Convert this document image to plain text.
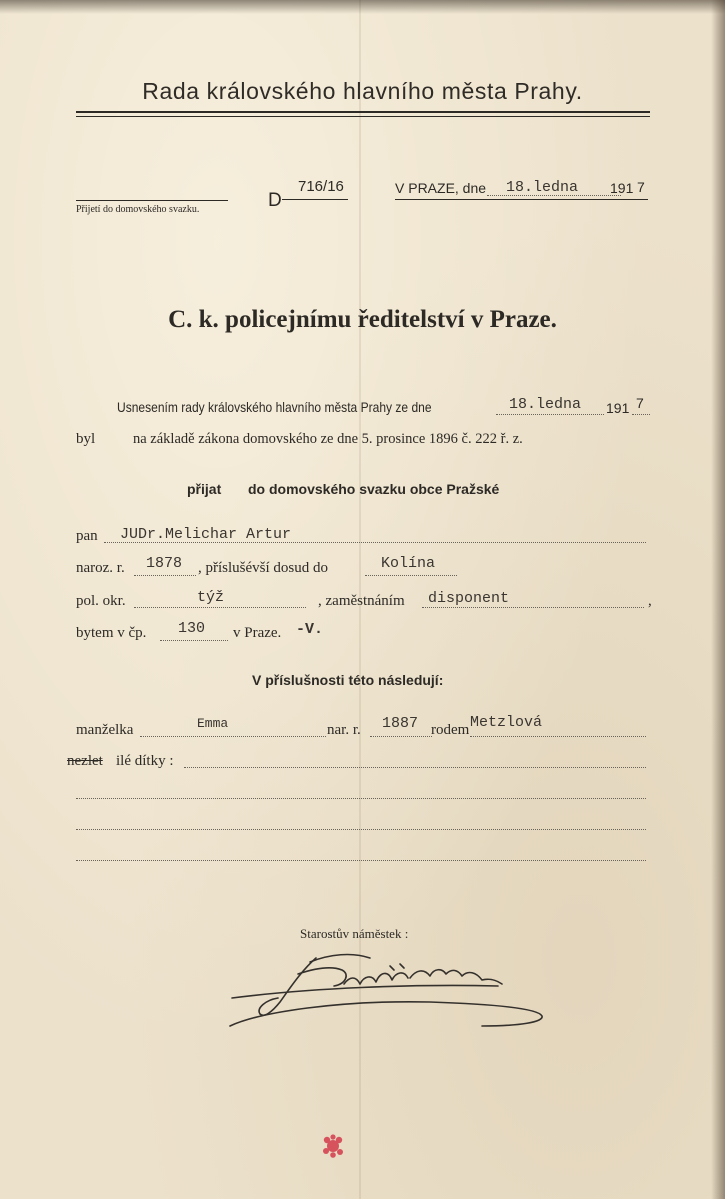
Rada královského hlavního města Prahy.
Přijetí do domovského svazku.	D
716/16	V PRAZE, dne 18.ledna 191 7
C. k. policejnímu ředitelství v Praze.
Usnesením rady královského hlavního města Prahy ze dne	18.ledna 191 7
byl	na základě zákona domovského ze dne 5. prosince 1896 č. 222 ř. z.
přijat do domovského svazku obce Pražské
pan JUDr.Melichar Artur
naroz. r. 1878 , příslušévší dosud do	Kolína
pol. okr.	týž	, zaměstnáním disponent	,
bytem v čp. 130 v Praze. -V.
V příslušnosti této následují:
manželka	Emma	nar. r. 1887 rodem Metzlová
nezlet ilé dítky :
Starostův náměstek :
